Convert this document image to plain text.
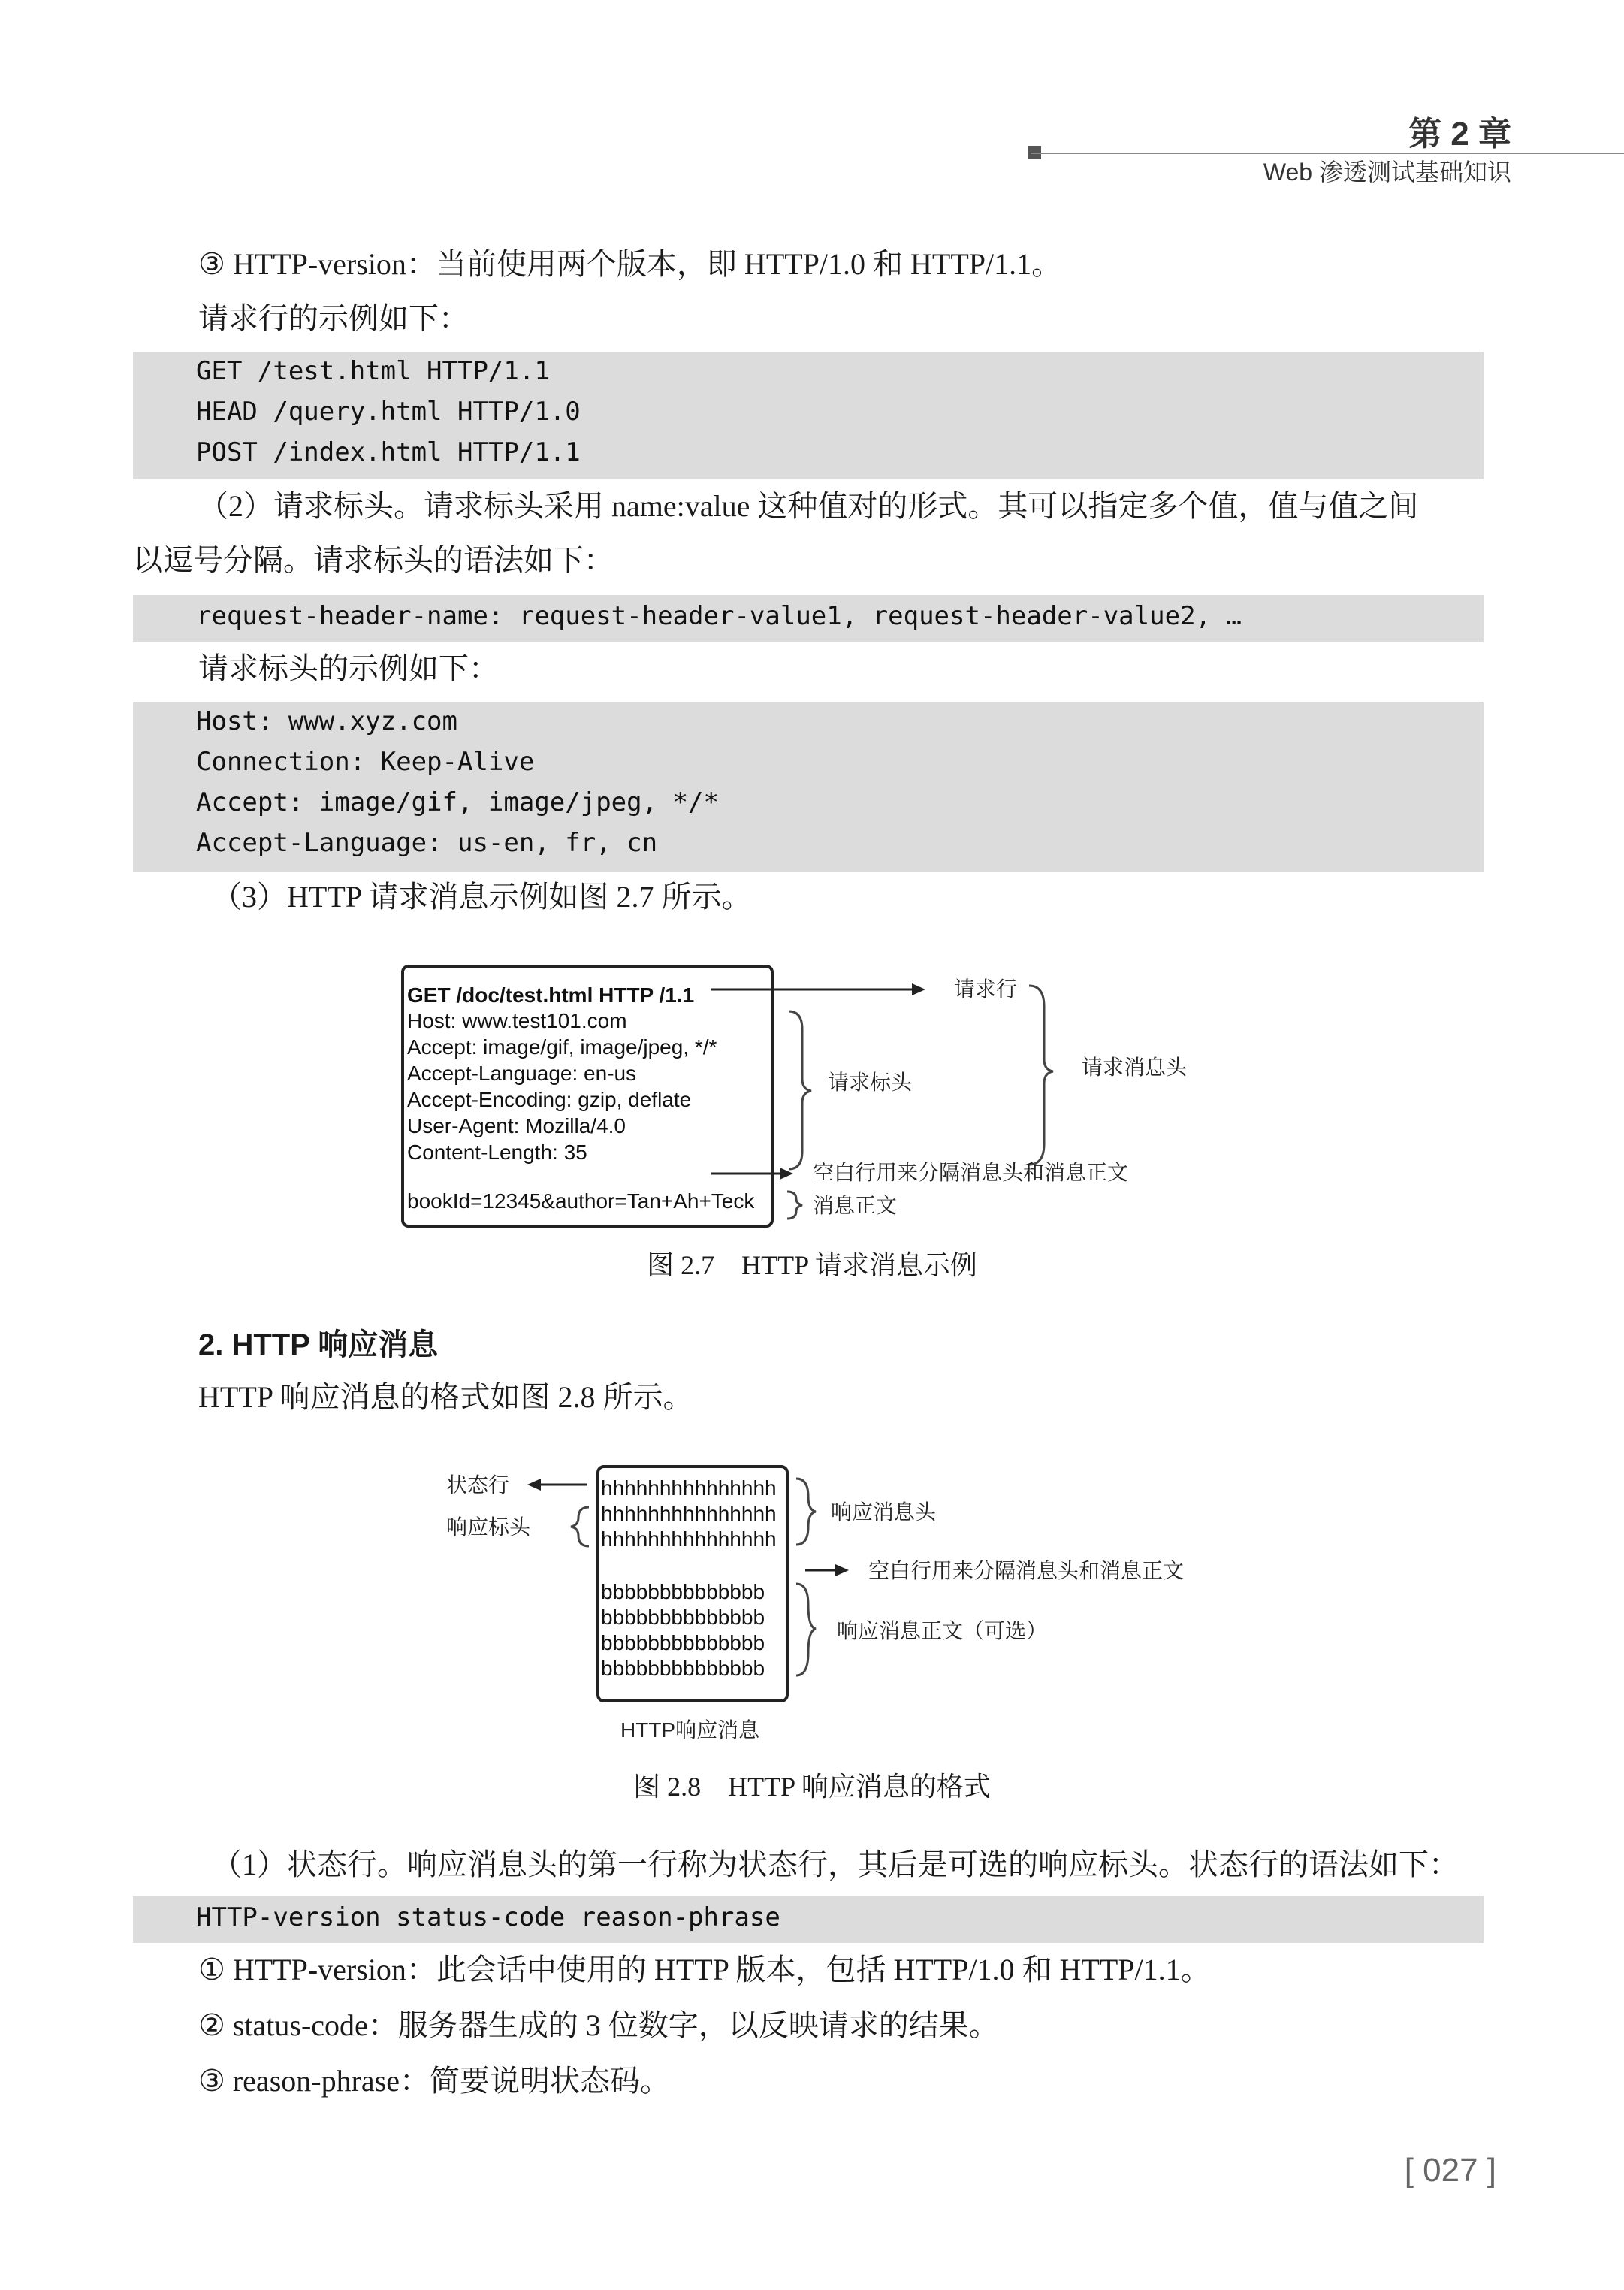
第 2 章
Web 渗透测试基础知识
③ HTTP-version：当前使用两个版本，即 HTTP/1.0 和 HTTP/1.1。
请求行的示例如下：
GET /test.html HTTP/1.1
HEAD /query.html HTTP/1.0
POST /index.html HTTP/1.1
（2）请求标头。请求标头采用 name:value 这种值对的形式。其可以指定多个值，值与值之间
以逗号分隔。请求标头的语法如下：
request-header-name: request-header-value1, request-header-value2, …
请求标头的示例如下：
Host: www.xyz.com
Connection: Keep-Alive
Accept: image/gif, image/jpeg, */*
Accept-Language: us-en, fr, cn
（3）HTTP 请求消息示例如图 2.7 所示。
GET /doc/test.html HTTP /1.1
Host: www.test101.com
Accept: image/gif, image/jpeg, */*
Accept-Language: en-us
Accept-Encoding: gzip, deflate
User-Agent: Mozilla/4.0
Content-Length: 35
bookId=12345&author=Tan+Ah+Teck
请求行
请求标头
请求消息头
空白行用来分隔消息头和消息正文
消息正文
图 2.7　HTTP 请求消息示例
2. HTTP 响应消息
HTTP 响应消息的格式如图 2.8 所示。
hhhhhhhhhhhhhhh
hhhhhhhhhhhhhhh
hhhhhhhhhhhhhhh
bbbbbbbbbbbbbb
bbbbbbbbbbbbbb
bbbbbbbbbbbbbb
bbbbbbbbbbbbbb
状态行
响应标头
响应消息头
空白行用来分隔消息头和消息正文
响应消息正文（可选）
HTTP响应消息
图 2.8　HTTP 响应消息的格式
（1）状态行。响应消息头的第一行称为状态行，其后是可选的响应标头。状态行的语法如下：
HTTP-version status-code reason-phrase
① HTTP-version：此会话中使用的 HTTP 版本，包括 HTTP/1.0 和 HTTP/1.1。
② status-code：服务器生成的 3 位数字，以反映请求的结果。
③ reason-phrase：简要说明状态码。
[ 027 ]
